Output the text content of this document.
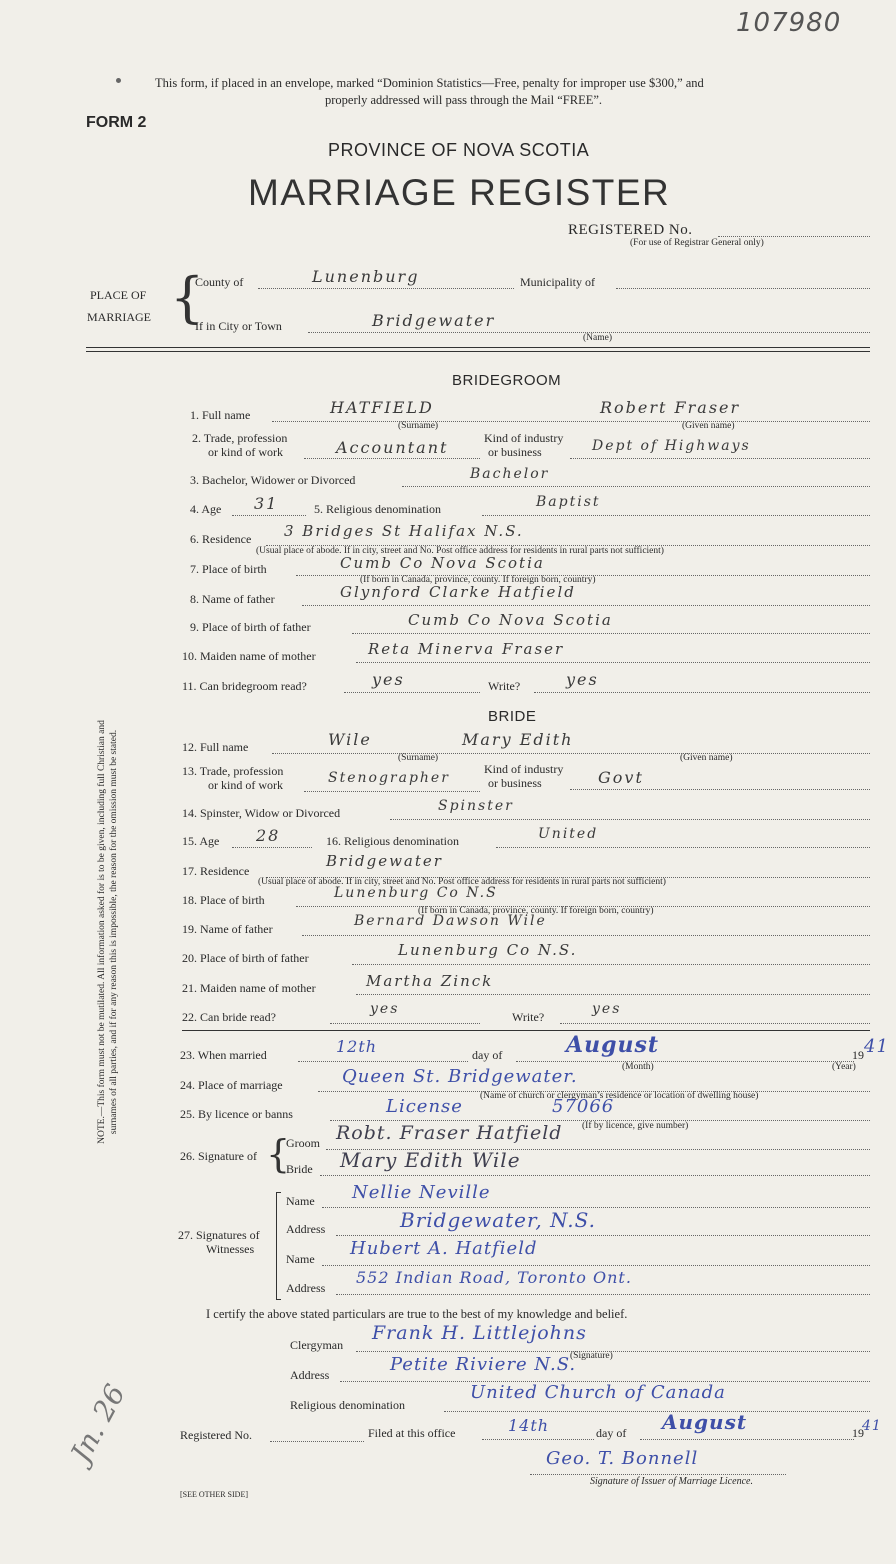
107980
This form, if placed in an envelope, marked “Dominion Statistics—Free, penalty for improper use $300,” and
properly addressed will pass through the Mail “FREE”.
FORM 2
PROVINCE OF NOVA SCOTIA
MARRIAGE REGISTER
REGISTERED No.
(For use of Registrar General only)
PLACE OF
MARRIAGE {
County of	Lunenburg	Municipality of
If in City or Town	Bridgewater
(Name)
BRIDEGROOM
1. Full name	HATFIELD	Robert Fraser
(Surname)	(Given name)
2. Trade, profession
or kind of work	Accountant	Kind of industry
or business	Dept of Highways
3. Bachelor, Widower or Divorced	Bachelor
4. Age 31	5. Religious denomination	Baptist
6. Residence 3 Bridges St Halifax N.S.
(Usual place of abode. If in city, street and No. Post office address for residents in rural parts not sufficient)
7. Place of birth	Cumb Co Nova Scotia
(If born in Canada, province, county. If foreign born, country)
8. Name of father	Glynford Clarke Hatfield
9. Place of birth of father	Cumb Co Nova Scotia
10. Maiden name of mother	Reta Minerva Fraser
11. Can bridegroom read?	yes	Write?	yes
BRIDE
12. Full name	Wile	Mary Edith
(Surname)	(Given name)
13. Trade, profession
or kind of work	Stenographer
Kind of industry
or business	Govt
14. Spinster, Widow or Divorced	Spinster
15. Age 28	16. Religious denomination	United
17. Residence
Bridgewater
(Usual place of abode. If in city, street and No. Post office address for residents in rural parts not sufficient)
18. Place of birth	Lunenburg Co N.S
(If born in Canada, province, county. If foreign born, country)
19. Name of father	Bernard Dawson Wile
20. Place of birth of father	Lunenburg Co N.S.
21. Maiden name of mother	Martha Zinck
22. Can bride read?	yes	Write?	yes
23. When married	12th	day of	August
(Month)
19 41
(Year)
24. Place of marriage	Queen St. Bridgewater.
(Name of church or clergyman’s residence or location of dwelling house)
25. By licence or banns	License	57066
(If by licence, give number)
26. Signature of {
Groom Robt. Fraser Hatfield
Bride Mary Edith Wile
27. Signatures of
Witnesses
Name Nellie Neville
Address	Bridgewater, N.S.
Name Hubert A. Hatfield
Address
552 Indian Road, Toronto Ont.
I certify the above stated particulars are true to the best of my knowledge and belief.
Clergyman
Frank H. Littlejohns
(Signature)
Address	Petite Riviere N.S.
Religious denomination
United Church of Canada
Registered No.	Filed at this office	14th	day of August	19
41
Geo. T. Bonnell
Signature of Issuer of Marriage Licence.
[SEE OTHER SIDE]
NOTE.—This form must not be mutilated. All information asked for is to be given, including full Christian and surnames of all parties, and if for any reason this is impossible, the reason for the omission must be stated.
Jn. 26
